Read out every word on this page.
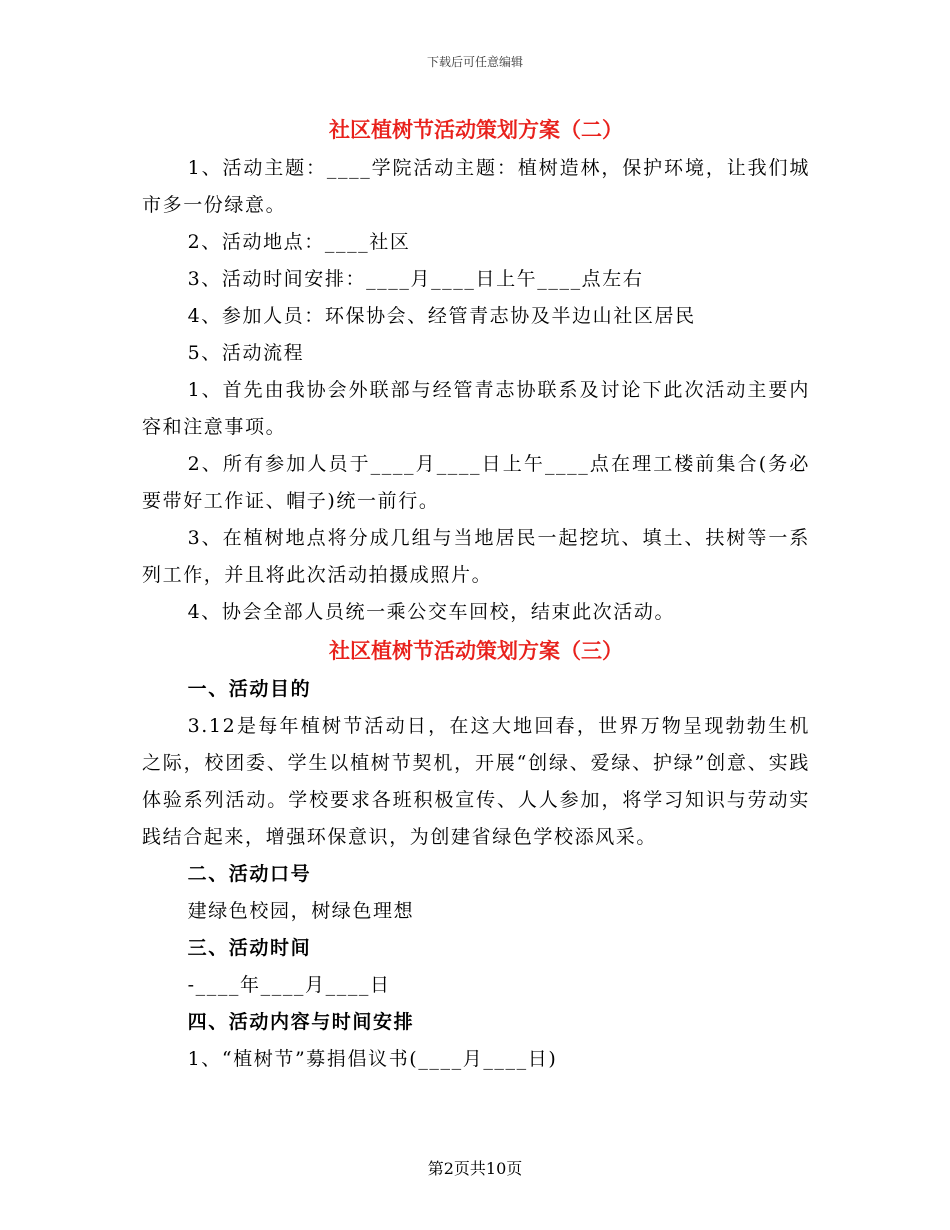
下载后可任意编辑
社区植树节活动策划方案（二）
1、活动主题：____学院活动主题：植树造林，保护环境，让我们城市多一份绿意。
2、活动地点：____社区
3、活动时间安排：____月____日上午____点左右
4、参加人员：环保协会、经管青志协及半边山社区居民
5、活动流程
1、首先由我协会外联部与经管青志协联系及讨论下此次活动主要内容和注意事项。
2、所有参加人员于____月____日上午____点在理工楼前集合(务必要带好工作证、帽子)统一前行。
3、在植树地点将分成几组与当地居民一起挖坑、填土、扶树等一系列工作，并且将此次活动拍摄成照片。
4、协会全部人员统一乘公交车回校，结束此次活动。
社区植树节活动策划方案（三）
一、活动目的
3.12是每年植树节活动日，在这大地回春，世界万物呈现勃勃生机之际，校团委、学生以植树节契机，开展“创绿、爱绿、护绿”创意、实践体验系列活动。学校要求各班积极宣传、人人参加，将学习知识与劳动实践结合起来，增强环保意识，为创建省绿色学校添风采。
二、活动口号
建绿色校园，树绿色理想
三、活动时间
-____年____月____日
四、活动内容与时间安排
1、“植树节”募捐倡议书(____月____日)
第2页共10页
